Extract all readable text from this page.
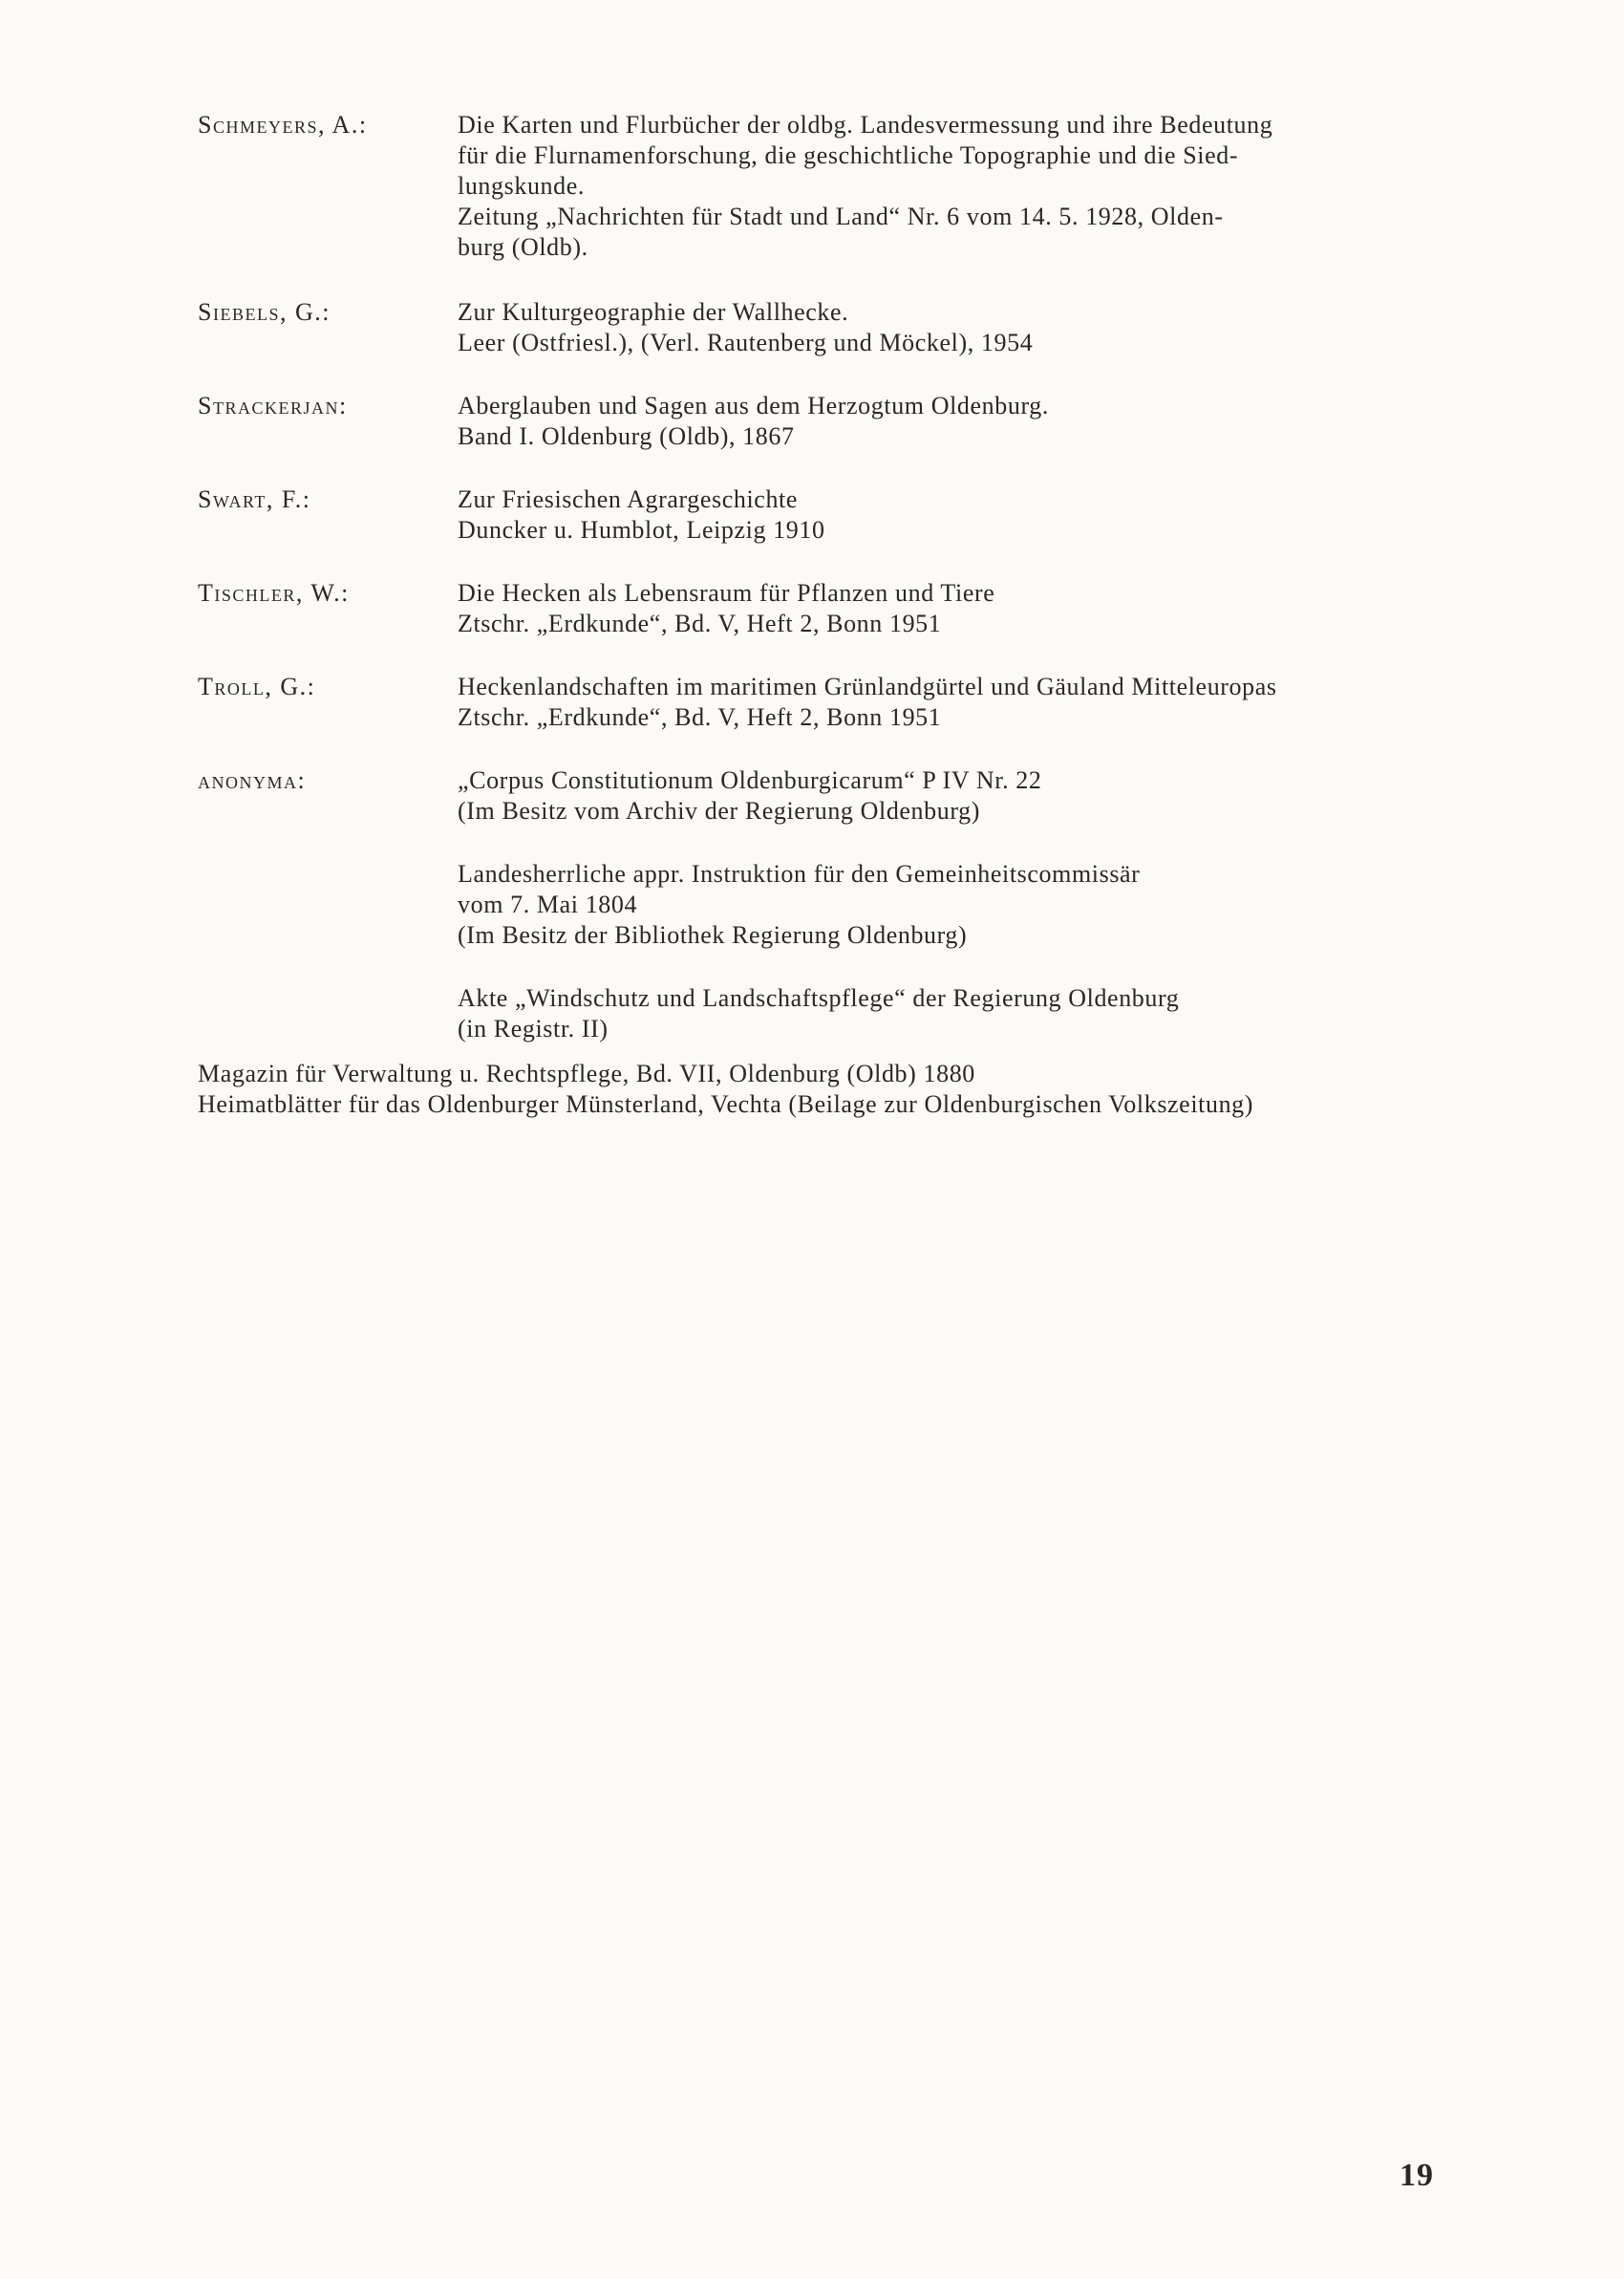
Schmeyers, A.:	Die Karten und Flurbücher der oldbg. Landesvermessung und ihre Bedeutung
für die Flurnamenforschung, die geschichtliche Topographie und die Sied-
lungskunde.
Zeitung „Nachrichten für Stadt und Land“ Nr. 6 vom 14. 5. 1928, Olden-
burg (Oldb).
Siebels, G.:	Zur Kulturgeographie der Wallhecke.
Leer (Ostfriesl.), (Verl. Rautenberg und Möckel), 1954
Strackerjan:	Aberglauben und Sagen aus dem Herzogtum Oldenburg.
Band I. Oldenburg (Oldb), 1867
Swart, F.:	Zur Friesischen Agrargeschichte
Duncker u. Humblot, Leipzig 1910
Tischler, W.:	Die Hecken als Lebensraum für Pflanzen und Tiere
Ztschr. „Erdkunde“, Bd. V, Heft 2, Bonn 1951
Troll, G.:	Heckenlandschaften im maritimen Grünlandgürtel und Gäuland Mitteleuropas
Ztschr. „Erdkunde“, Bd. V, Heft 2, Bonn 1951
anonyma:	„Corpus Constitutionum Oldenburgicarum“ P IV Nr. 22
(Im Besitz vom Archiv der Regierung Oldenburg)
Landesherrliche appr. Instruktion für den Gemeinheitscommissär
vom 7. Mai 1804
(Im Besitz der Bibliothek Regierung Oldenburg)
Akte „Windschutz und Landschaftspflege“ der Regierung Oldenburg
(in Registr. II)
Magazin für Verwaltung u. Rechtspflege, Bd. VII, Oldenburg (Oldb) 1880
Heimatblätter für das Oldenburger Münsterland, Vechta (Beilage zur Oldenburgischen Volkszeitung)
19
